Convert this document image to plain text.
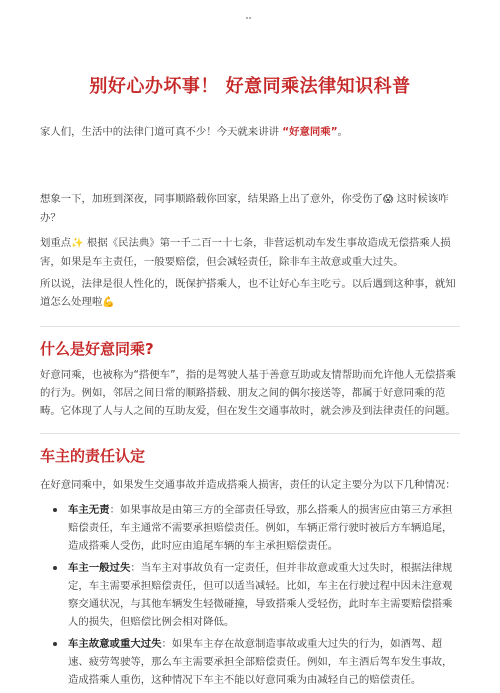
别好心办坏事！ 好意同乘法律知识科普
家人们，生活中的法律门道可真不少！今天就来讲讲 “好意同乘”。
想象一下，加班到深夜，同事顺路载你回家，结果路上出了意外，你受伤了😱 这时候该咋办？
划重点✨ 根据《民法典》第一千二百一十七条，非营运机动车发生事故造成无偿搭乘人损害，如果是车主责任，一般要赔偿，但会减轻责任，除非车主故意或重大过失。
所以说，法律是很人性化的，既保护搭乘人，也不让好心车主吃亏。以后遇到这种事，就知道怎么处理啦💪
什么是好意同乘?
好意同乘，也被称为“搭便车”，指的是驾驶人基于善意互助或友情帮助而允许他人无偿搭乘的行为。例如，邻居之间日常的顺路搭载、朋友之间的偶尔接送等，都属于好意同乘的范畴。它体现了人与人之间的互助友爱，但在发生交通事故时，就会涉及到法律责任的问题。
车主的责任认定
在好意同乘中，如果发生交通事故并造成搭乘人损害，责任的认定主要分为以下几种情况：
车主无责：如果事故是由第三方的全部责任导致，那么搭乘人的损害应由第三方承担赔偿责任，车主通常不需要承担赔偿责任。例如，车辆正常行驶时被后方车辆追尾，造成搭乘人受伤，此时应由追尾车辆的车主承担赔偿责任。
车主一般过失：当车主对事故负有一定责任，但并非故意或重大过失时，根据法律规定，车主需要承担赔偿责任，但可以适当减轻。比如，车主在行驶过程中因未注意观察交通状况，与其他车辆发生轻微碰撞，导致搭乘人受轻伤，此时车主需要赔偿搭乘人的损失，但赔偿比例会相对降低。
车主故意或重大过失：如果车主存在故意制造事故或重大过失的行为，如酒驾、超速、疲劳驾驶等，那么车主需要承担全部赔偿责任。例如，车主酒后驾车发生事故，造成搭乘人重伤，这种情况下车主不能以好意同乘为由减轻自己的赔偿责任。
